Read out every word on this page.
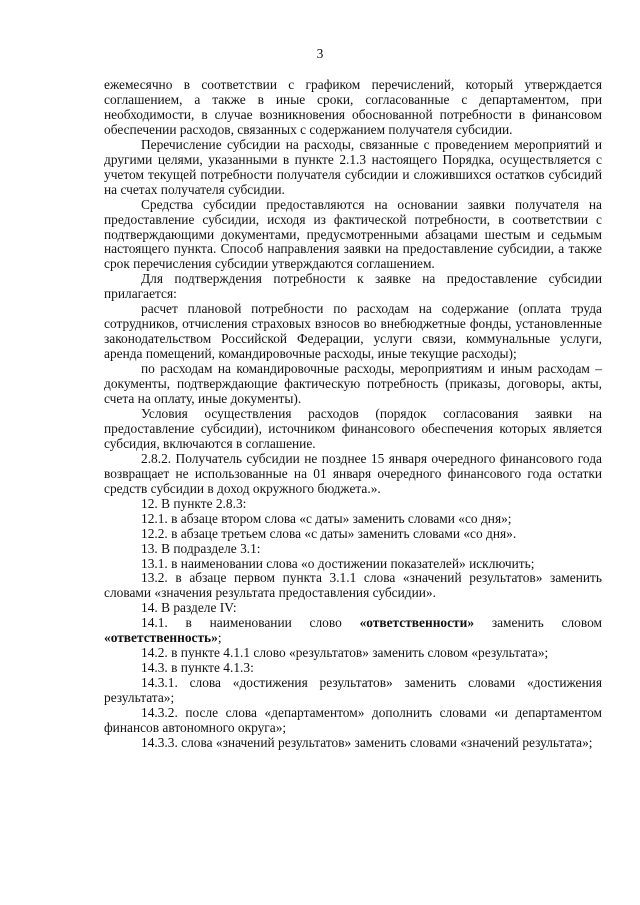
3

ежемесячно в соответствии с графиком перечислений, который утверждается соглашением, а также в иные сроки, согласованные с департаментом, при необходимости, в случае возникновения обоснованной потребности в финансовом обеспечении расходов, связанных с содержанием получателя субсидии.

Перечисление субсидии на расходы, связанные с проведением мероприятий и другими целями, указанными в пункте 2.1.3 настоящего Порядка, осуществляется с учетом текущей потребности получателя субсидии и сложившихся остатков субсидий на счетах получателя субсидии.

Средства субсидии предоставляются на основании заявки получателя на предоставление субсидии, исходя из фактической потребности, в соответствии с подтверждающими документами, предусмотренными абзацами шестым и седьмым настоящего пункта. Способ направления заявки на предоставление субсидии, а также срок перечисления субсидии утверждаются соглашением.

Для подтверждения потребности к заявке на предоставление субсидии прилагается:

расчет плановой потребности по расходам на содержание (оплата труда сотрудников, отчисления страховых взносов во внебюджетные фонды, установленные законодательством Российской Федерации, услуги связи, коммунальные услуги, аренда помещений, командировочные расходы, иные текущие расходы);

по расходам на командировочные расходы, мероприятиям и иным расходам – документы, подтверждающие фактическую потребность (приказы, договоры, акты, счета на оплату, иные документы).

Условия осуществления расходов (порядок согласования заявки на предоставление субсидии), источником финансового обеспечения которых является субсидия, включаются в соглашение.

2.8.2. Получатель субсидии не позднее 15 января очередного финансового года возвращает не использованные на 01 января очередного финансового года остатки средств субсидии в доход окружного бюджета.».

12. В пункте 2.8.3:

12.1. в абзаце втором слова «с даты» заменить словами «со дня»;

12.2. в абзаце третьем слова «с даты» заменить словами «со дня».

13. В подразделе 3.1:

13.1. в наименовании слова «о достижении показателей» исключить;

13.2. в абзаце первом пункта 3.1.1 слова «значений результатов» заменить словами «значения результата предоставления субсидии».

14. В разделе IV:

14.1. в наименовании слово «ответственности» заменить словом «ответственность»;

14.2. в пункте 4.1.1 слово «результатов» заменить словом «результата»;

14.3. в пункте 4.1.3:

14.3.1. слова «достижения результатов» заменить словами «достижения результата»;

14.3.2. после слова «департаментом» дополнить словами «и департаментом финансов автономного округа»;

14.3.3. слова «значений результатов» заменить словами «значений результата»;
